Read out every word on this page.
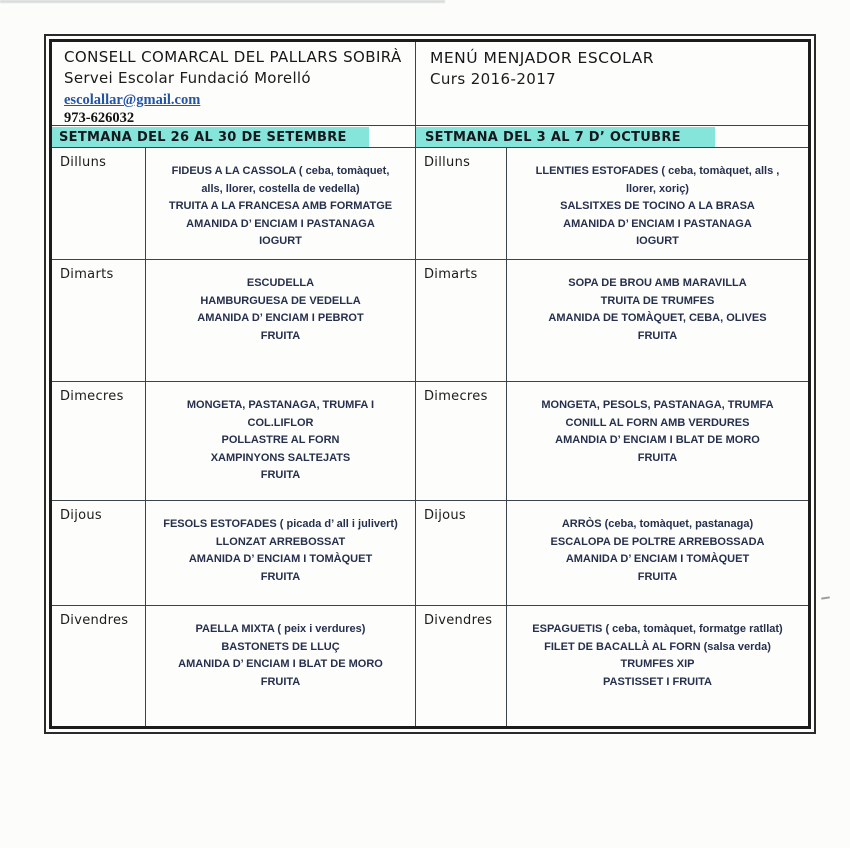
CONSELL COMARCAL DEL PALLARS SOBIRÀ
Servei Escolar Fundació Morelló
escolallar@gmail.com
973-626032
MENÚ MENJADOR ESCOLAR
Curs 2016-2017
SETMANA DEL 26 AL 30 DE SETEMBRE	SETMANA DEL 3 AL 7 D’ OCTUBRE
Dilluns
FIDEUS A LA CASSOLA ( ceba, tomàquet,
alls, llorer, costella de vedella)
TRUITA A LA FRANCESA AMB FORMATGE
AMANIDA D’ ENCIAM I PASTANAGA
IOGURT
Dilluns
LLENTIES ESTOFADES ( ceba, tomàquet, alls ,
llorer, xoriç)
SALSITXES DE TOCINO A LA BRASA
AMANIDA D’ ENCIAM I PASTANAGA
IOGURT
Dimarts
ESCUDELLA
HAMBURGUESA DE VEDELLA
AMANIDA D’ ENCIAM I PEBROT
FRUITA
Dimarts
SOPA DE BROU AMB MARAVILLA
TRUITA DE TRUMFES
AMANIDA DE TOMÀQUET, CEBA, OLIVES
FRUITA
Dimecres
MONGETA, PASTANAGA, TRUMFA I
COL.LIFLOR
POLLASTRE AL FORN
XAMPINYONS SALTEJATS
FRUITA
Dimecres
MONGETA, PESOLS, PASTANAGA, TRUMFA
CONILL AL FORN AMB VERDURES
AMANDIA D’ ENCIAM I BLAT DE MORO
FRUITA
Dijous
FESOLS ESTOFADES ( picada d’ all i julivert)
LLONZAT ARREBOSSAT
AMANIDA D’ ENCIAM I TOMÀQUET
FRUITA
Dijous
ARRÒS (ceba, tomàquet, pastanaga)
ESCALOPA DE POLTRE ARREBOSSADA
AMANIDA D’ ENCIAM I TOMÀQUET
FRUITA
Divendres
PAELLA MIXTA ( peix i verdures)
BASTONETS DE LLUÇ
AMANIDA D’ ENCIAM I BLAT DE MORO
FRUITA
Divendres
ESPAGUETIS ( ceba, tomàquet, formatge ratllat)
FILET DE BACALLÀ AL FORN (salsa verda)
TRUMFES XIP
PASTISSET I FRUITA
